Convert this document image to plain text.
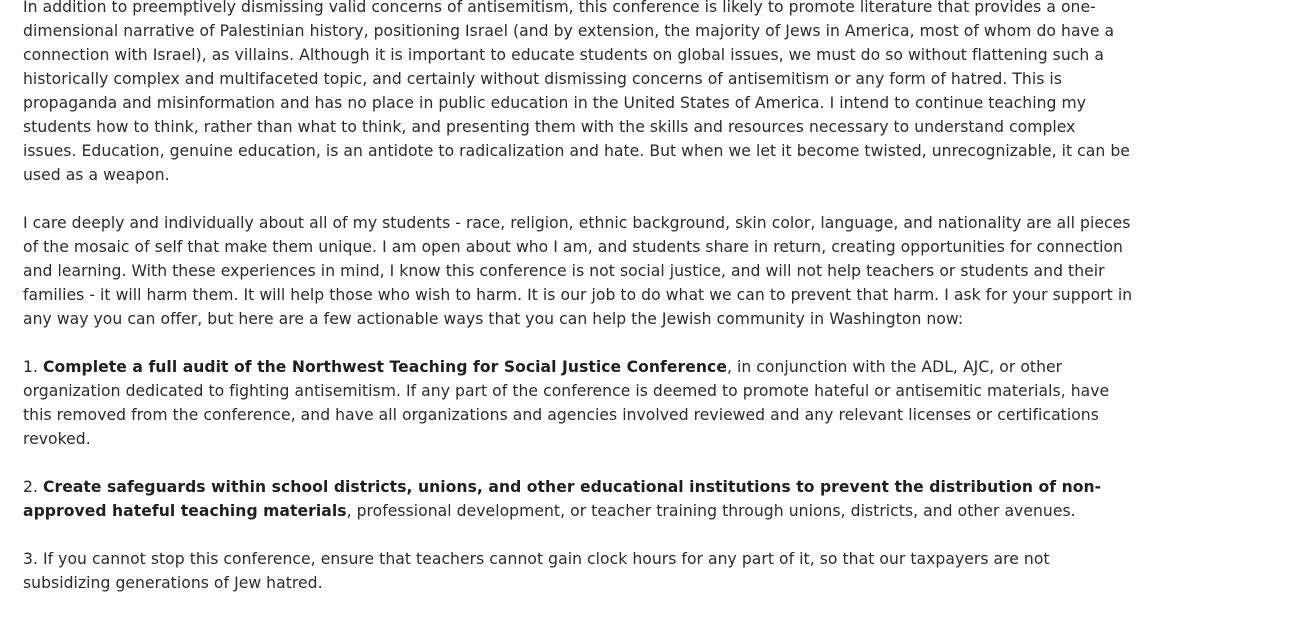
In addition to preemptively dismissing valid concerns of antisemitism, this conference is likely to promote literature that provides a one-dimensional narrative of Palestinian history, positioning Israel (and by extension, the majority of Jews in America, most of whom do have a connection with Israel), as villains. Although it is important to educate students on global issues, we must do so without flattening such a historically complex and multifaceted topic, and certainly without dismissing concerns of antisemitism or any form of hatred. This is propaganda and misinformation and has no place in public education in the United States of America. I intend to continue teaching my students how to think, rather than what to think, and presenting them with the skills and resources necessary to understand complex issues. Education, genuine education, is an antidote to radicalization and hate. But when we let it become twisted, unrecognizable, it can be used as a weapon.

I care deeply and individually about all of my students - race, religion, ethnic background, skin color, language, and nationality are all pieces of the mosaic of self that make them unique. I am open about who I am, and students share in return, creating opportunities for connection and learning. With these experiences in mind, I know this conference is not social justice, and will not help teachers or students and their families - it will harm them. It will help those who wish to harm. It is our job to do what we can to prevent that harm. I ask for your support in any way you can offer, but here are a few actionable ways that you can help the Jewish community in Washington now:

1. Complete a full audit of the Northwest Teaching for Social Justice Conference, in conjunction with the ADL, AJC, or other organization dedicated to fighting antisemitism. If any part of the conference is deemed to promote hateful or antisemitic materials, have this removed from the conference, and have all organizations and agencies involved reviewed and any relevant licenses or certifications revoked.

2. Create safeguards within school districts, unions, and other educational institutions to prevent the distribution of non-approved hateful teaching materials, professional development, or teacher training through unions, districts, and other avenues.

3. If you cannot stop this conference, ensure that teachers cannot gain clock hours for any part of it, so that our taxpayers are not subsidizing generations of Jew hatred.
